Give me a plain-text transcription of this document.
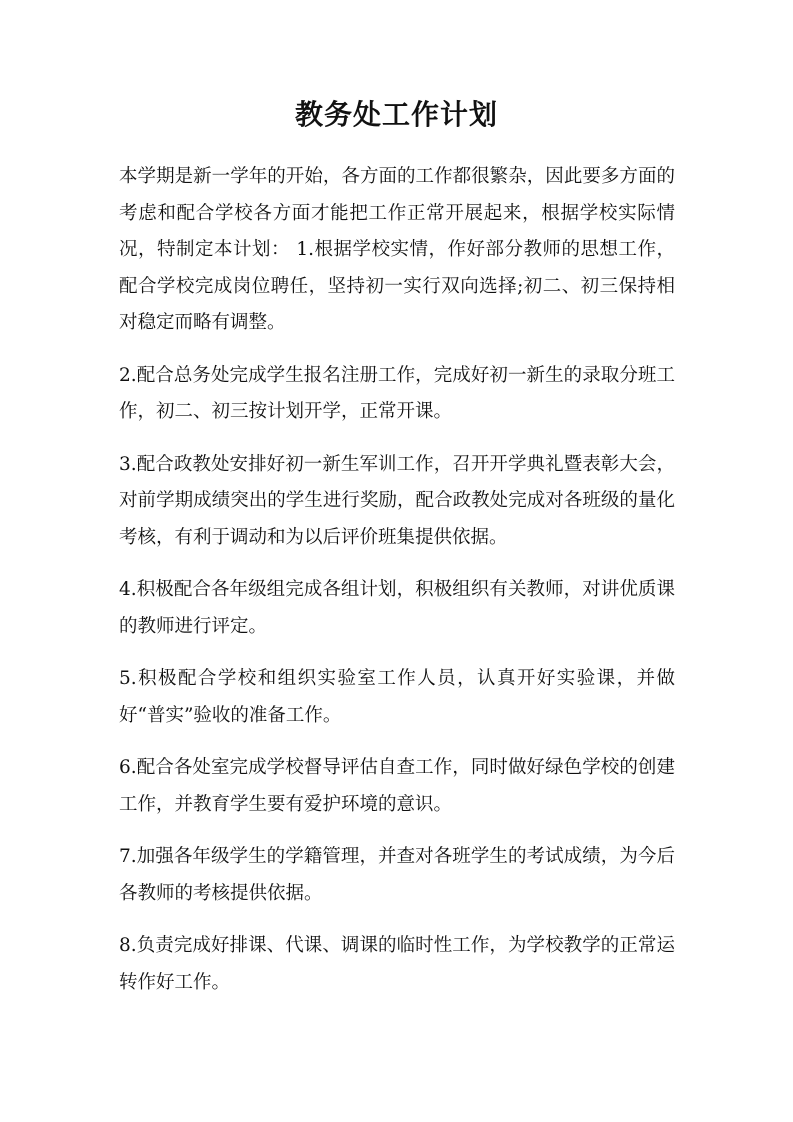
教务处工作计划

本学期是新一学年的开始，各方面的工作都很繁杂，因此要多方面的考虑和配合学校各方面才能把工作正常开展起来，根据学校实际情况，特制定本计划： 1.根据学校实情，作好部分教师的思想工作，配合学校完成岗位聘任，坚持初一实行双向选择;初二、初三保持相对稳定而略有调整。

2.配合总务处完成学生报名注册工作，完成好初一新生的录取分班工作，初二、初三按计划开学，正常开课。

3.配合政教处安排好初一新生军训工作，召开开学典礼暨表彰大会，对前学期成绩突出的学生进行奖励，配合政教处完成对各班级的量化考核，有利于调动和为以后评价班集提供依据。

4.积极配合各年级组完成各组计划，积极组织有关教师，对讲优质课的教师进行评定。

5.积极配合学校和组织实验室工作人员，认真开好实验课，并做好“普实”验收的准备工作。

6.配合各处室完成学校督导评估自查工作，同时做好绿色学校的创建工作，并教育学生要有爱护环境的意识。

7.加强各年级学生的学籍管理，并查对各班学生的考试成绩，为今后各教师的考核提供依据。

8.负责完成好排课、代课、调课的临时性工作，为学校教学的正常运转作好工作。
